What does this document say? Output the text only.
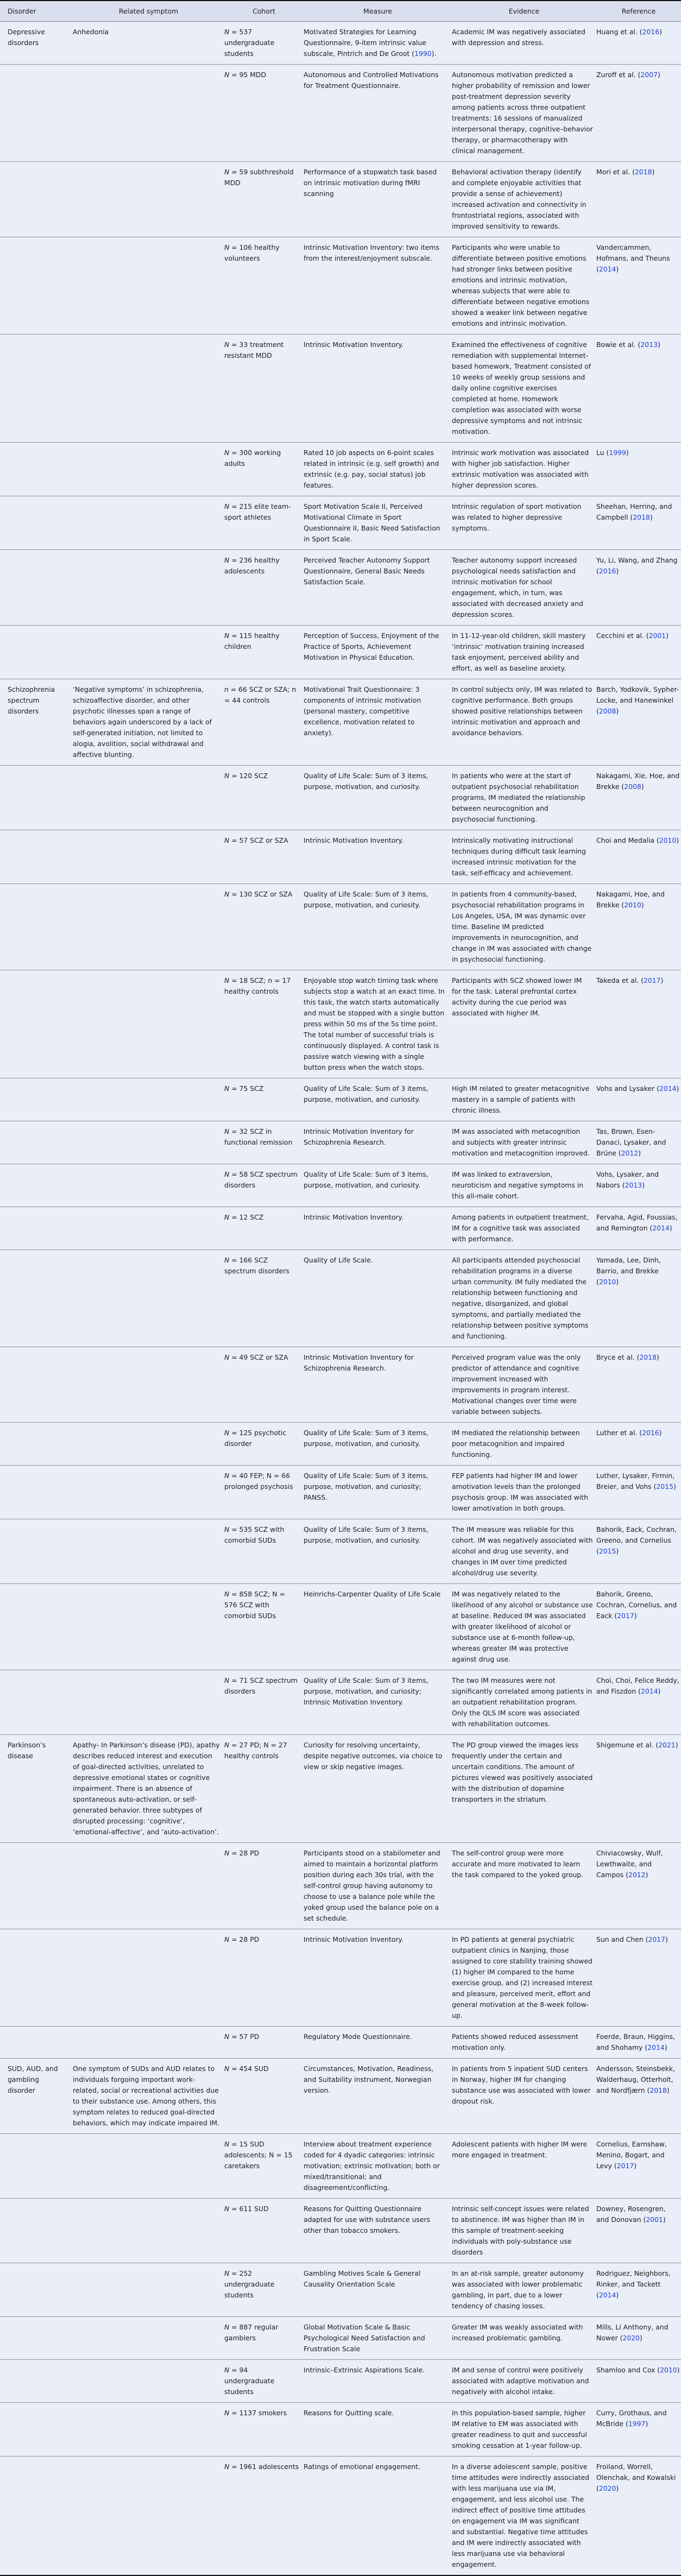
Disorder	Related symptom	Cohort	Measure	Evidence	Reference
Depressive disorders	Anhedonia	N = 537 undergraduate students	Motivated Strategies for Learning Questionnaire, 9-item intrinsic value subscale, Pintrich and De Groot (1990).	Academic IM was negatively associated with depression and stress.	Huang et al. (2016)
		N = 95 MDD	Autonomous and Controlled Motivations for Treatment Questionnaire.	Autonomous motivation predicted a higher probability of remission and lower post-treatment depression severity among patients across three outpatient treatments: 16 sessions of manualized interpersonal therapy, cognitive–behavior therapy, or pharmacotherapy with clinical management.	Zuroff et al. (2007)
		N = 59 subthreshold MDD	Performance of a stopwatch task based on intrinsic motivation during fMRI scanning	Behavioral activation therapy (identify and complete enjoyable activities that provide a sense of achievement) increased activation and connectivity in frontostriatal regions, associated with improved sensitivity to rewards.	Mori et al. (2018)
		N = 106 healthy volunteers	Intrinsic Motivation Inventory: two items from the interest/enjoyment subscale.	Participants who were unable to differentiate between positive emotions had stronger links between positive emotions and intrinsic motivation, whereas subjects that were able to differentiate between negative emotions showed a weaker link between negative emotions and intrinsic motivation.	Vandercammen, Hofmans, and Theuns (2014)
		N = 33 treatment resistant MDD	Intrinsic Motivation Inventory.	Examined the effectiveness of cognitive remediation with supplemental Internet-based homework, Treatment consisted of 10 weeks of weekly group sessions and daily online cognitive exercises completed at home. Homework completion was associated with worse depressive symptoms and not intrinsic motivation.	Bowie et al. (2013)
		N = 300 working adults	Rated 10 job aspects on 6-point scales related in intrinsic (e.g. self growth) and extrinsic (e.g. pay, social status) job features.	Intrinsic work motivation was associated with higher job satisfaction. Higher extrinsic motivation was associated with higher depression scores.	Lu (1999)
		N = 215 elite team-sport athletes	Sport Motivation Scale II, Perceived Motivational Climate in Sport Questionnaire II, Basic Need Satisfaction in Sport Scale.	Intrinsic regulation of sport motivation was related to higher depressive symptoms.	Sheehan, Herring, and Campbell (2018)
		N = 236 healthy adolescents	Perceived Teacher Autonomy Support Questionnaire, General Basic Needs Satisfaction Scale.	Teacher autonomy support increased psychological needs satisfaction and intrinsic motivation for school engagement, which, in turn, was associated with decreased anxiety and depression scores.	Yu, Li, Wang, and Zhang (2016)
		N = 115 healthy children	Perception of Success, Enjoyment of the Practice of Sports, Achievement Motivation in Physical Education.	In 11-12-year-old children, skill mastery ‘intrinsic’ motivation training increased task enjoyment, perceived ability and effort, as well as baseline anxiety.	Cecchini et al. (2001)
Schizophrenia spectrum disorders	‘Negative symptoms’ in schizophrenia, schizoaffective disorder, and other psychotic illnesses span a range of behaviors again underscored by a lack of self-generated initiation, not limited to alogia, avolition, social withdrawal and affective blunting.	n = 66 SCZ or SZA; n = 44 controls	Motivational Trait Questionnaire: 3 components of intrinsic motivation (personal mastery, competitive excellence, motivation related to anxiety).	In control subjects only, IM was related to cognitive performance. Both groups showed positive relationships between intrinsic motivation and approach and avoidance behaviors.	Barch, Yodkovik, Sypher-Locke, and Hanewinkel (2008)
		N = 120 SCZ	Quality of Life Scale: Sum of 3 items, purpose, motivation, and curiosity.	In patients who were at the start of outpatient psychosocial rehabilitation programs, IM mediated the relationship between neurocognition and psychosocial functioning.	Nakagami, Xie, Hoe, and Brekke (2008)
		N = 57 SCZ or SZA	Intrinsic Motivation Inventory.	Intrinsically motivating instructional techniques during difficult task learning increased intrinsic motivation for the task, self-efficacy and achievement.	Choi and Medalia (2010)
		N = 130 SCZ or SZA	Quality of Life Scale: Sum of 3 items, purpose, motivation, and curiosity.	In patients from 4 community-based, psychosocial rehabilitation programs in Los Angeles, USA, IM was dynamic over time. Baseline IM predicted improvements in neurocognition, and change in IM was associated with change in psychosocial functioning.	Nakagami, Hoe, and Brekke (2010)
		N = 18 SCZ; n = 17 healthy controls	Enjoyable stop watch timing task where subjects stop a watch at an exact time. In this task, the watch starts automatically and must be stopped with a single button press within 50 ms of the 5s time point. The total number of successful trials is continuously displayed. A control task is passive watch viewing with a single button press when the watch stops.	Participants with SCZ showed lower IM for the task. Lateral prefrontal cortex activity during the cue period was associated with higher IM.	Takeda et al. (2017)
		N = 75 SCZ	Quality of Life Scale: Sum of 3 items, purpose, motivation, and curiosity.	High IM related to greater metacognitive mastery in a sample of patients with chronic illness.	Vohs and Lysaker (2014)
		N = 32 SCZ in functional remission	Intrinsic Motivation Inventory for Schizophrenia Research.	IM was associated with metacognition and subjects with greater intrinsic motivation and metacognition improved.	Tas, Brown, Esen-Danaci, Lysaker, and Brüne (2012)
		N = 58 SCZ spectrum disorders	Quality of Life Scale: Sum of 3 items, purpose, motivation, and curiosity.	IM was linked to extraversion, neuroticism and negative symptoms in this all-male cohort.	Vohs, Lysaker, and Nabors (2013)
		N = 12 SCZ	Intrinsic Motivation Inventory.	Among patients in outpatient treatment, IM for a cognitive task was associated with performance.	Fervaha, Agid, Foussias, and Remington (2014)
		N = 166 SCZ spectrum disorders	Quality of Life Scale.	All participants attended psychosocial rehabilitation programs in a diverse urban community. IM fully mediated the relationship between functioning and negative, disorganized, and global symptoms, and partially mediated the relationship between positive symptoms and functioning.	Yamada, Lee, Dinh, Barrio, and Brekke (2010)
		N = 49 SCZ or SZA	Intrinsic Motivation Inventory for Schizophrenia Research.	Perceived program value was the only predictor of attendance and cognitive improvement increased with improvements in program interest. Motivational changes over time were variable between subjects.	Bryce et al. (2018)
		N = 125 psychotic disorder	Quality of Life Scale: Sum of 3 items, purpose, motivation, and curiosity.	IM mediated the relationship between poor metacognition and impaired functioning.	Luther et al. (2016)
		N = 40 FEP; N = 66 prolonged psychosis	Quality of Life Scale: Sum of 3 items, purpose, motivation, and curiosity; PANSS.	FEP patients had higher IM and lower amotivation levels than the prolonged psychosis group. IM was associated with lower amotivation in both groups.	Luther, Lysaker, Firmin, Breier, and Vohs (2015)
		N = 535 SCZ with comorbid SUDs	Quality of Life Scale: Sum of 3 items, purpose, motivation, and curiosity.	The IM measure was reliable for this cohort. IM was negatively associated with alcohol and drug use severity, and changes in IM over time predicted alcohol/drug use severity.	Bahorik, Eack, Cochran, Greeno, and Cornelius (2015)
		N = 858 SCZ; N = 576 SCZ with comorbid SUDs	Heinrichs-Carpenter Quality of Life Scale	IM was negatively related to the likelihood of any alcohol or substance use at baseline. Reduced IM was associated with greater likelihood of alcohol or substance use at 6-month follow-up, whereas greater IM was protective against drug use.	Bahorik, Greeno, Cochran, Cornelius, and Eack (2017)
		N = 71 SCZ spectrum disorders	Quality of Life Scale: Sum of 3 items, purpose, motivation, and curiosity; Intrinsic Motivation Inventory.	The two IM measures were not significantly correlated among patients in an outpatient rehabilitation program. Only the QLS IM score was associated with rehabilitation outcomes.	Choi, Choi, Felice Reddy, and Fiszdon (2014)
Parkinson’s disease	Apathy- In Parkinson’s disease (PD), apathy describes reduced interest and execution of goal-directed activities, unrelated to depressive emotional states or cognitive impairment. There is an absence of spontaneous auto-activation, or self-generated behavior. three subtypes of disrupted processing: ‘cognitive’, ‘emotional-affective’, and ‘auto-activation’.	N = 27 PD; N = 27 healthy controls	Curiosity for resolving uncertainty, despite negative outcomes, via choice to view or skip negative images.	The PD group viewed the images less frequently under the certain and uncertain conditions. The amount of pictures viewed was positively associated with the distribution of dopamine transporters in the striatum.	Shigemune et al. (2021)
		N = 28 PD	Participants stood on a stabilometer and aimed to maintain a horizontal platform position during each 30s trial, with the self-control group having autonomy to choose to use a balance pole while the yoked group used the balance pole on a set schedule.	The self-control group were more accurate and more motivated to learn the task compared to the yoked group.	Chiviacowsky, Wulf, Lewthwaite, and Campos (2012)
		N = 28 PD	Intrinsic Motivation Inventory.	In PD patients at general psychiatric outpatient clinics in Nanjing, those assigned to core stability training showed (1) higher IM compared to the home exercise group, and (2) increased interest and pleasure, perceived merit, effort and general motivation at the 8-week follow-up.	Sun and Chen (2017)
		N = 57 PD	Regulatory Mode Questionnaire.	Patients showed reduced assessment motivation only.	Foerde, Braun, Higgins, and Shohamy (2014)
SUD, AUD, and gambling disorder	One symptom of SUDs and AUD relates to individuals forgoing important work-related, social or recreational activities due to their substance use. Among others, this symptom relates to reduced goal-directed behaviors, which may indicate impaired IM.	N = 454 SUD	Circumstances, Motivation, Readiness, and Suitability instrument, Norwegian version.	In patients from 5 inpatient SUD centers in Norway, higher IM for changing substance use was associated with lower dropout risk.	Andersson, Steinsbekk, Walderhaug, Otterholt, and Nordfjærn (2018)
		N = 15 SUD adolescents; N = 15 caretakers	Interview about treatment experience coded for 4 dyadic categories: intrinsic motivation; extrinsic motivation; both or mixed/transitional; and disagreement/conflicting.	Adolescent patients with higher IM were more engaged in treatment.	Cornelius, Earnshaw, Menino, Bogart, and Levy (2017)
		N = 611 SUD	Reasons for Quitting Questionnaire adapted for use with substance users other than tobacco smokers.	Intrinsic self-concept issues were related to abstinence. IM was higher than IM in this sample of treatment-seeking individuals with poly-substance use disorders	Downey, Rosengren, and Donovan (2001)
		N = 252 undergraduate students	Gambling Motives Scale & General Causality Orientation Scale	In an at-risk sample, greater autonomy was associated with lower problematic gambling, in part, due to a lower tendency of chasing losses.	Rodriguez, Neighbors, Rinker, and Tackett (2014)
		N = 887 regular gamblers	Global Motivation Scale & Basic Psychological Need Satisfaction and Frustration Scale	Greater IM was weakly associated with increased problematic gambling.	Mills, Li Anthony, and Nower (2020)
		N = 94 undergraduate students	Intrinsic–Extrinsic Aspirations Scale.	IM and sense of control were positively associated with adaptive motivation and negatively with alcohol intake.	Shamloo and Cox (2010)
		N = 1137 smokers	Reasons for Quitting scale.	In this population-based sample, higher IM relative to EM was associated with greater readiness to quit and successful smoking cessation at 1-year follow-up.	Curry, Grothaus, and McBride (1997)
		N = 1961 adolescents	Ratings of emotional engagement.	In a diverse adolescent sample, positive time attitudes were indirectly associated with less marijuana use via IM, engagement, and less alcohol use. The indirect effect of positive time attitudes on engagement via IM was significant and substantial. Negative time attitudes and IM were indirectly associated with less marijuana use via behavioral engagement.	Froiland, Worrell, Olenchak, and Kowalski (2020)
